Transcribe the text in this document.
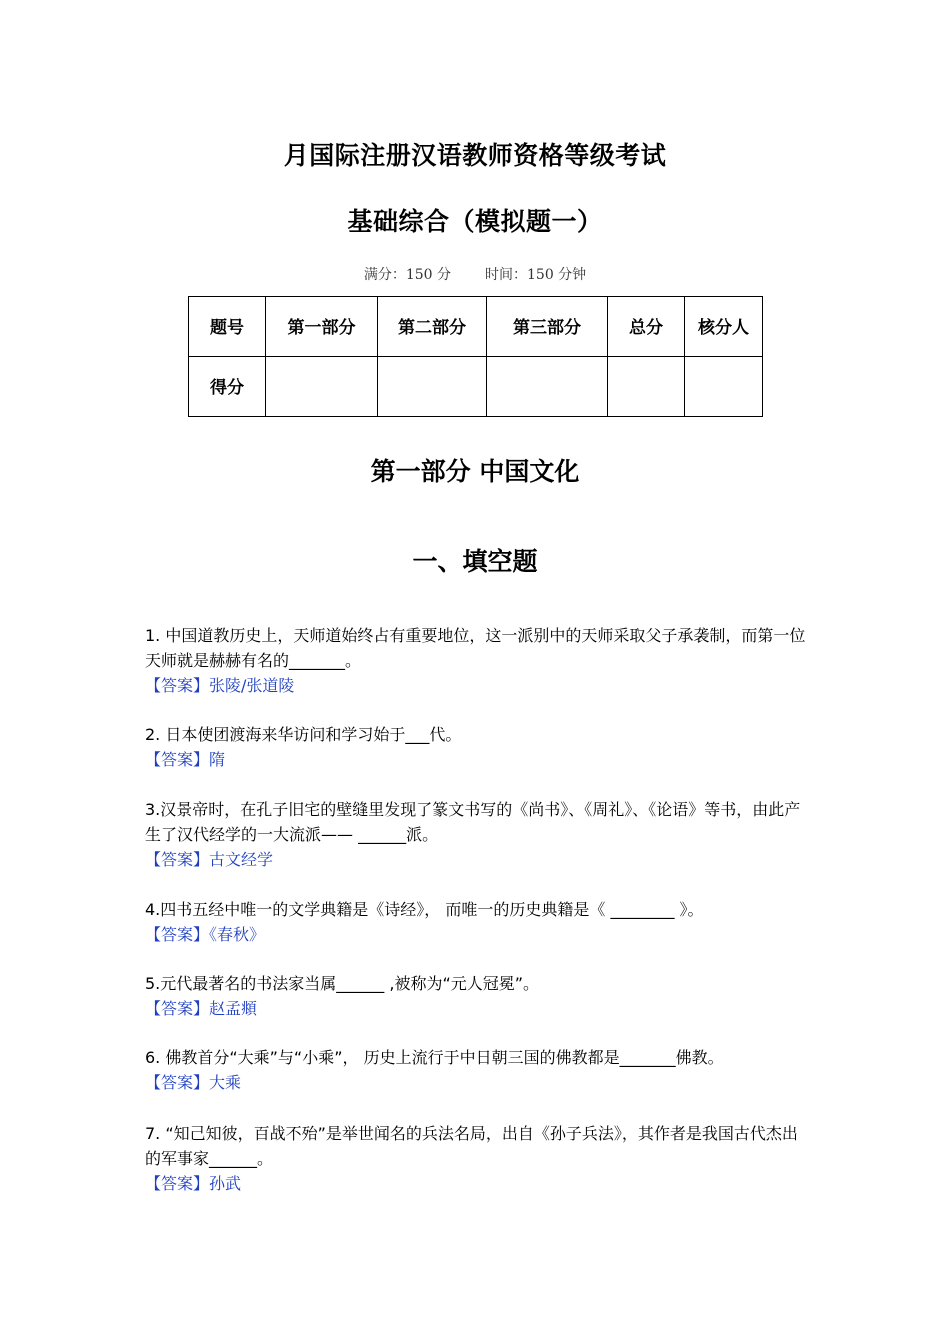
月国际注册汉语教师资格等级考试
基础综合（模拟题一）
满分：150 分 时间：150 分钟
题号	第一部分	第二部分	第三部分	总分	核分人
得分					
第一部分 中国文化
一、填空题

1. 中国道教历史上，天师道始终占有重要地位，这一派别中的天师采取父子承袭制，而第一位天师就是赫赫有名的_______。

【答案】张陵/张道陵

2. 日本使团渡海来华访问和学习始于___代。

【答案】隋

3.汉景帝时，在孔子旧宅的壁缝里发现了篆文书写的《尚书》、《周礼》、《论语》等书，由此产生了汉代经学的一大流派—— ______派。

【答案】古文经学

4.四书五经中唯一的文学典籍是《诗经》， 而唯一的历史典籍是《 ________ 》。

【答案】《春秋》

5.元代最著名的书法家当属______ ,被称为“元人冠冕”。

【答案】赵孟頫

6. 佛教首分“大乘”与“小乘”， 历史上流行于中日朝三国的佛教都是_______佛教。

【答案】大乘

7. “知己知彼，百战不殆”是举世闻名的兵法名局，出自《孙子兵法》，其作者是我国古代杰出的军事家______。

【答案】孙武
